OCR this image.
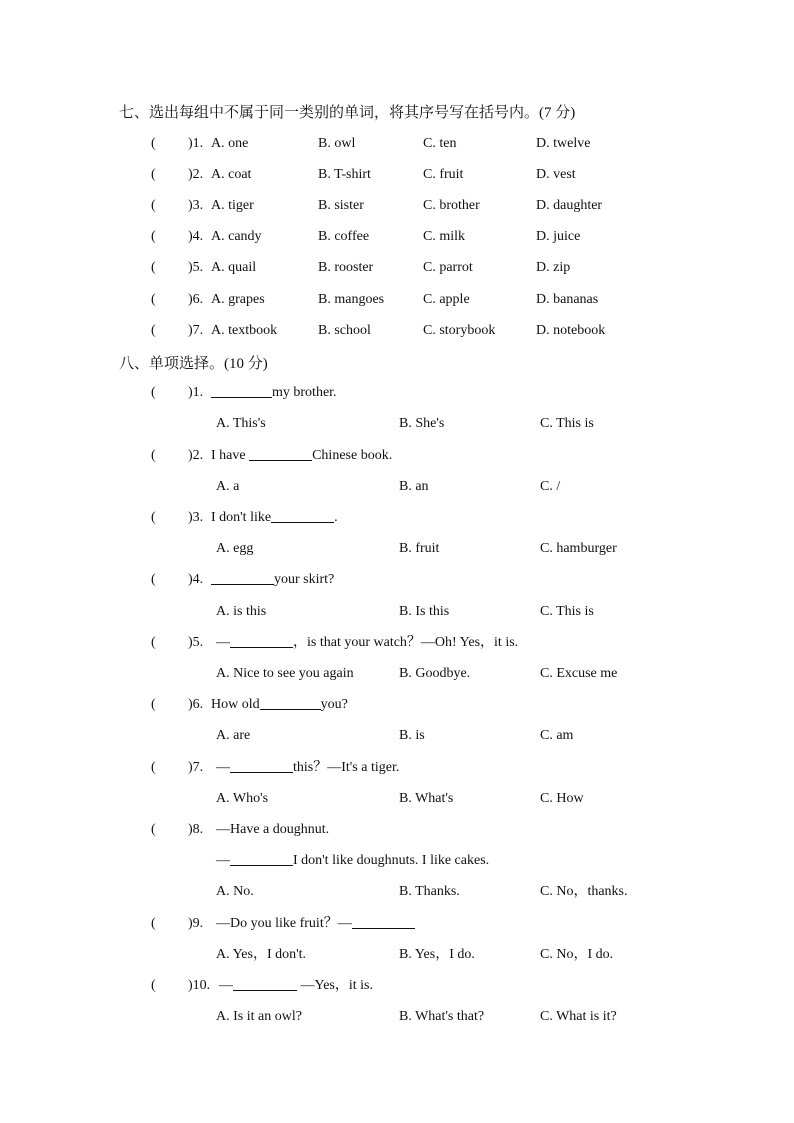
七、选出每组中不属于同一类别的单词，将其序号写在括号内。(7 分)
( )1. A. one	B. owl	C. ten	D. twelve
( )2. A. coat	B. T-shirt	C. fruit	D. vest
( )3. A. tiger	B. sister	C. brother	D. daughter
( )4. A. candy	B. coffee	C. milk	D. juice
( )5. A. quail	B. rooster	C. parrot	D. zip
( )6. A. grapes	B. mangoes	C. apple	D. bananas
( )7. A. textbook	B. school	C. storybook	D. notebook
八、单项选择。(10 分)
( )1.	my brother.
A. This's	B. She's	C. This is
( )2. I have	Chinese book.
A. a	B. an	C. /
( )3. I don't like	.
A. egg	B. fruit	C. hamburger
( )4.	your skirt?
A. is this	B. Is this	C. This is
( )5. —	，is that your watch？—Oh! Yes，it is.
A. Nice to see you again	B. Goodbye.	C. Excuse me
( )6. How old	you?
A. are	B. is	C. am
( )7. —	this？—It's a tiger.
A. Who's	B. What's	C. How
( )8. —Have a doughnut.
—	I don't like doughnuts. I like cakes.
A. No.	B. Thanks.	C. No，thanks.
( )9. —Do you like fruit？—
A. Yes，I don't.	B. Yes，I do.	C. No，I do.
( )10. —	—Yes，it is.
A. Is it an owl?	B. What's that?	C. What is it?
